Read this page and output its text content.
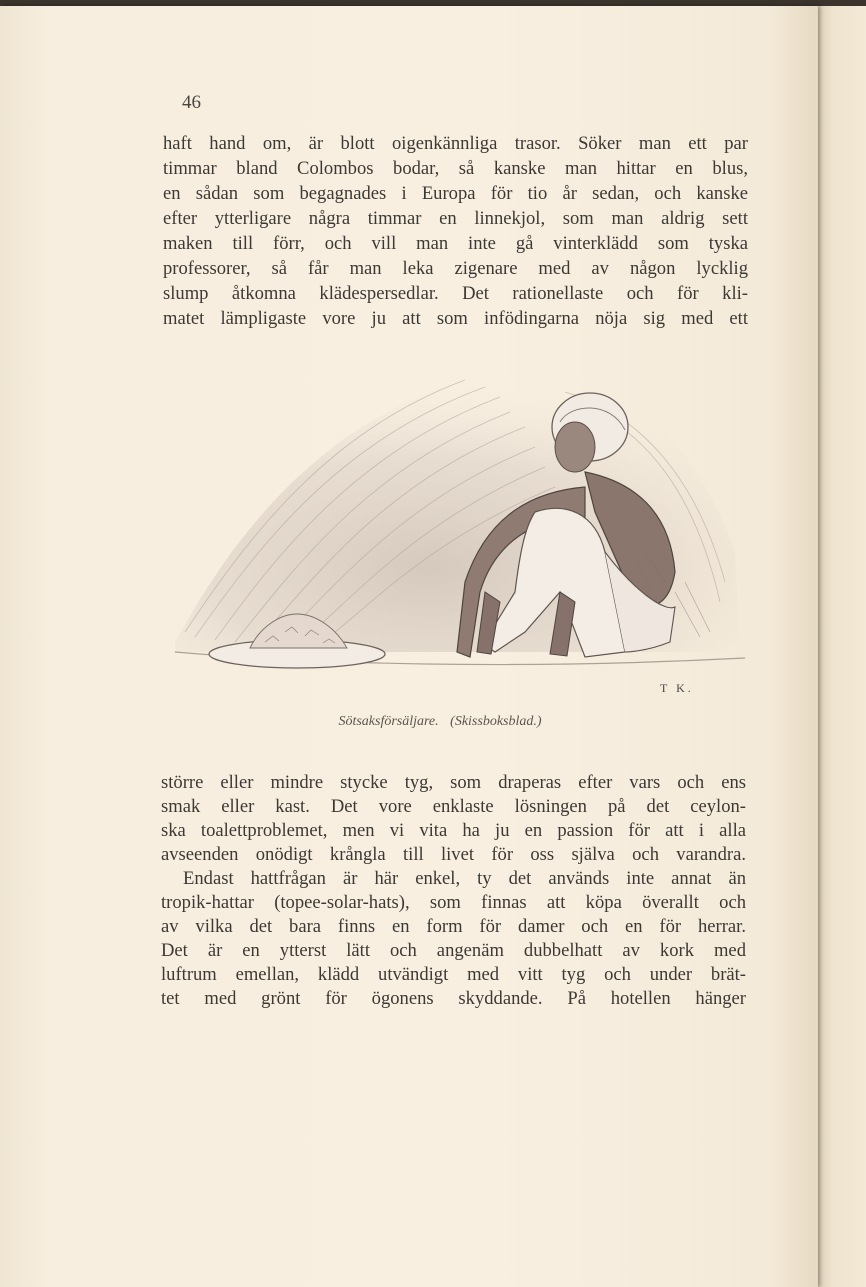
46

haft hand om, är blott oigenkännliga trasor. Söker man ett par

timmar bland Colombos bodar, så kanske man hittar en blus,

en sådan som begagnades i Europa för tio år sedan, och kanske

efter ytterligare några timmar en linnekjol, som man aldrig sett

maken till förr, och vill man inte gå vinterklädd som tyska

professorer, så får man leka zigenare med av någon lycklig

slump åtkomna klädespersedlar. Det rationellaste och för kli-

matet lämpligaste vore ju att som infödingarna nöja sig med ett

T K.
Sötsaksförsäljare. (Skissboksblad.)

större eller mindre stycke tyg, som draperas efter vars och ens

smak eller kast. Det vore enklaste lösningen på det ceylon-

ska toalettproblemet, men vi vita ha ju en passion för att i alla

avseenden onödigt krångla till livet för oss själva och varandra.

Endast hattfrågan är här enkel, ty det används inte annat än

tropik-hattar (topee-solar-hats), som finnas att köpa överallt och

av vilka det bara finns en form för damer och en för herrar.

Det är en ytterst lätt och angenäm dubbelhatt av kork med

luftrum emellan, klädd utvändigt med vitt tyg och under brät-

tet med grönt för ögonens skyddande. På hotellen hänger
